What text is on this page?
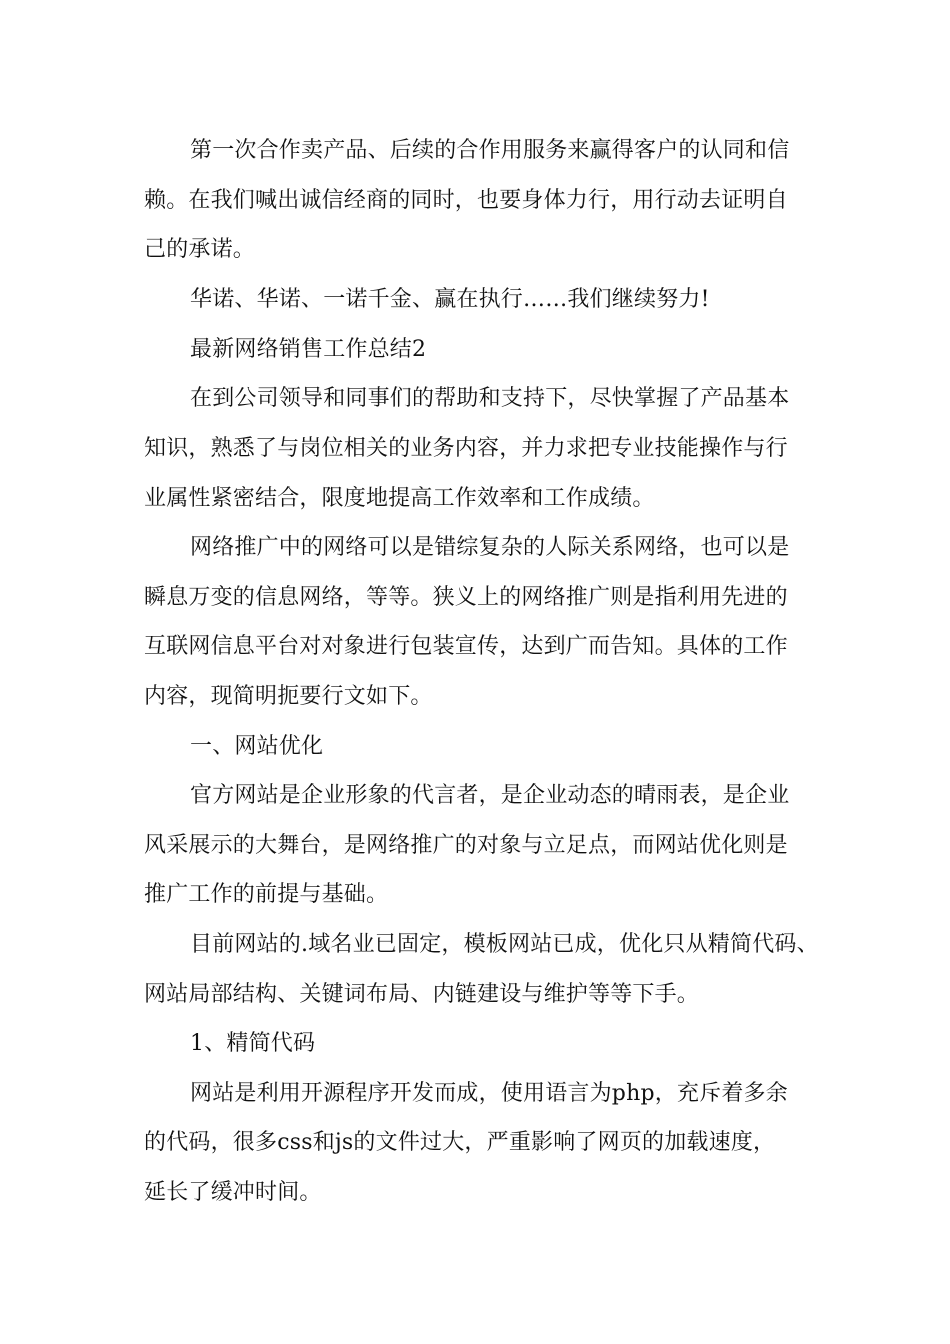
第一次合作卖产品、后续的合作用服务来赢得客户的认同和信
赖。在我们喊出诚信经商的同时，也要身体力行，用行动去证明自
己的承诺。
华诺、华诺、一诺千金、赢在执行……我们继续努力!
最新网络销售工作总结2
在到公司领导和同事们的帮助和支持下，尽快掌握了产品基本
知识，熟悉了与岗位相关的业务内容，并力求把专业技能操作与行
业属性紧密结合，限度地提高工作效率和工作成绩。
网络推广中的网络可以是错综复杂的人际关系网络，也可以是
瞬息万变的信息网络，等等。狭义上的网络推广则是指利用先进的
互联网信息平台对对象进行包装宣传，达到广而告知。具体的工作
内容，现简明扼要行文如下。
一、网站优化
官方网站是企业形象的代言者，是企业动态的晴雨表，是企业
风采展示的大舞台，是网络推广的对象与立足点，而网站优化则是
推广工作的前提与基础。
目前网站的.域名业已固定，模板网站已成，优化只从精简代码、
网站局部结构、关键词布局、内链建设与维护等等下手。
1、精简代码
网站是利用开源程序开发而成，使用语言为php，充斥着多余
的代码，很多css和js的文件过大，严重影响了网页的加载速度，
延长了缓冲时间。
